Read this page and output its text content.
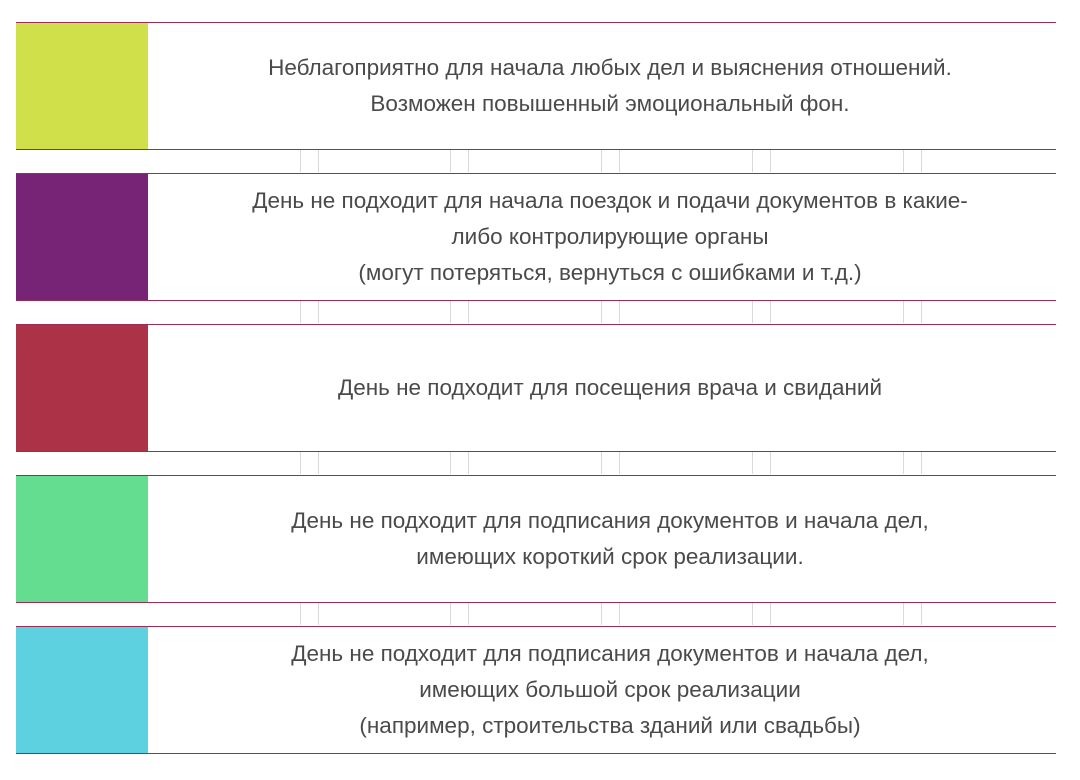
Неблагоприятно для начала любых дел и выяснения отношений.
Возможен повышенный эмоциональный фон.
День не подходит для начала поездок и подачи документов в какие-
либо контролирующие органы
(могут потеряться, вернуться с ошибками и т.д.)
День не подходит для посещения врача и свиданий
День не подходит для подписания документов и начала дел,
имеющих короткий срок реализации.
День не подходит для подписания документов и начала дел,
имеющих большой срок реализации
(например, строительства зданий или свадьбы)
